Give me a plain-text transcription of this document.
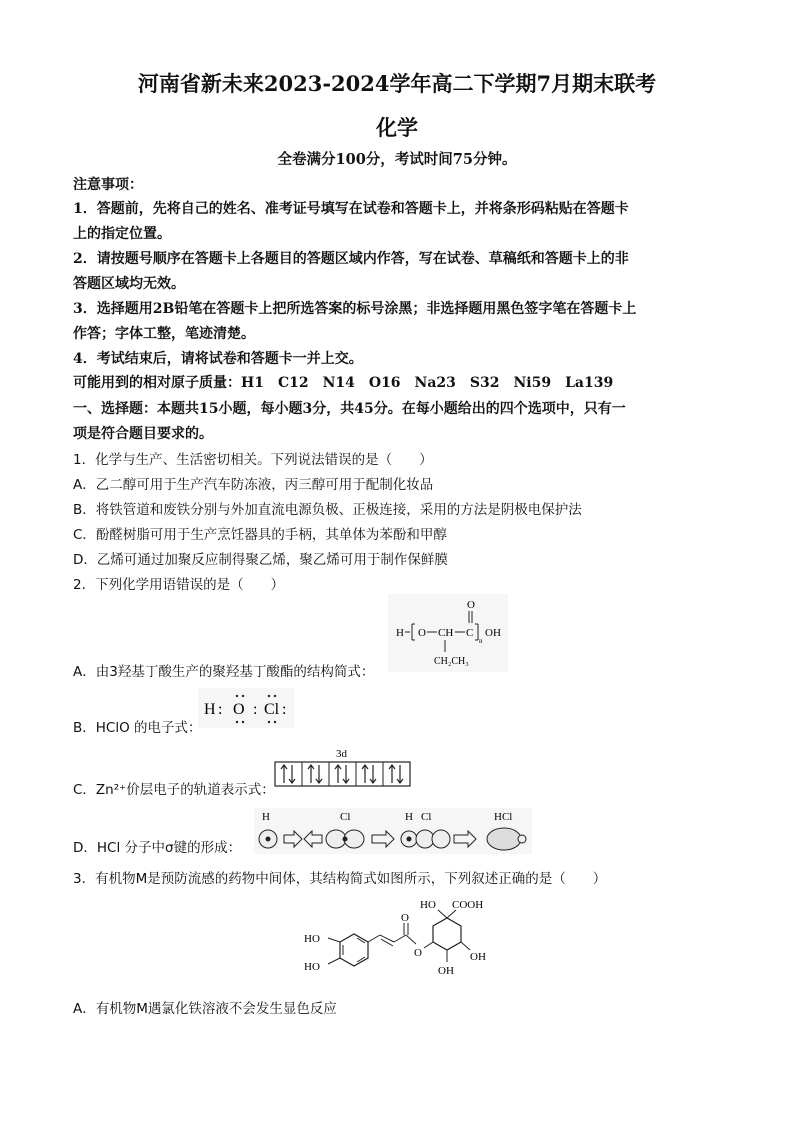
河南省新未来2023-2024学年高二下学期7月期末联考
化学
全卷满分100分，考试时间75分钟。
注意事项：
1．答题前，先将自己的姓名、准考证号填写在试卷和答题卡上，并将条形码粘贴在答题卡
上的指定位置。
2．请按题号顺序在答题卡上各题目的答题区域内作答，写在试卷、草稿纸和答题卡上的非
答题区域均无效。
3．选择题用2B铅笔在答题卡上把所选答案的标号涂黑；非选择题用黑色签字笔在答题卡上
作答；字体工整，笔迹清楚。
4．考试结束后，请将试卷和答题卡一并上交。
可能用到的相对原子质量：H1　C12　N14　O16　Na23　S32　Ni59　La139
一、选择题：本题共15小题，每小题3分，共45分。在每小题给出的四个选项中，只有一
项是符合题目要求的。
1．化学与生产、生活密切相关。下列说法错误的是（　　）
A．乙二醇可用于生产汽车防冻液，丙三醇可用于配制化妆品
B．将铁管道和废铁分别与外加直流电源负极、正极连接，采用的方法是阴极电保护法
C．酚醛树脂可用于生产烹饪器具的手柄，其单体为苯酚和甲醇
D．乙烯可通过加聚反应制得聚乙烯，聚乙烯可用于制作保鲜膜
2．下列化学用语错误的是（　　）
O
H O CH C
n
OH
CH₂CH₃
A．由3羟基丁酸生产的聚羟基丁酸酯的结构简式：
H : O : Cl :
B．HClO 的电子式：
3d
C．Zn²⁺价层电子的轨道表示式：
H	Cl	H Cl	HCl
D．HCl 分子中σ键的形成：
3．有机物M是预防流感的药物中间体，其结构简式如图所示，下列叙述正确的是（　　）
HO
HO
O
O
HO COOH
OH
OH
A．有机物M遇氯化铁溶液不会发生显色反应
